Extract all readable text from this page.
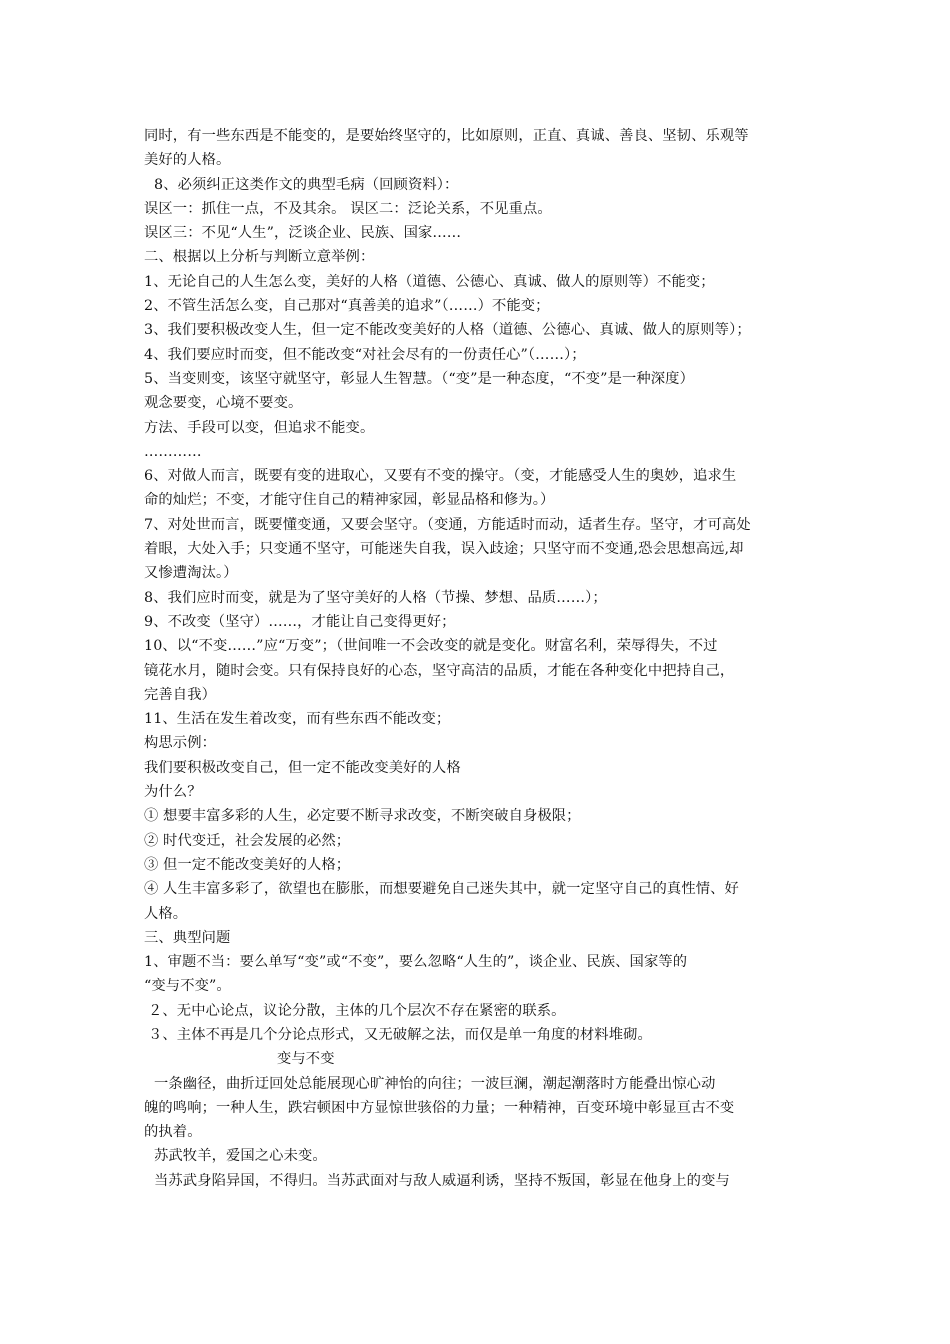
同时，有一些东西是不能变的，是要始终坚守的，比如原则，正直、真诚、善良、坚韧、乐观等
美好的人格。
8、必须纠正这类作文的典型毛病（回顾资料）：
误区一：抓住一点，不及其余。 误区二：泛论关系，不见重点。
误区三：不见“人生”，泛谈企业、民族、国家……
二、根据以上分析与判断立意举例：
1、无论自己的人生怎么变，美好的人格（道德、公德心、真诚、做人的原则等）不能变；
2、不管生活怎么变，自己那对“真善美的追求”（……）不能变；
3、我们要积极改变人生，但一定不能改变美好的人格（道德、公德心、真诚、做人的原则等）；
4、我们要应时而变，但不能改变“对社会尽有的一份责任心”（……）；
5、当变则变，该坚守就坚守，彰显人生智慧。（“变”是一种态度，“不变”是一种深度）
观念要变，心境不要变。
方法、手段可以变，但追求不能变。
…………
6、对做人而言，既要有变的进取心，又要有不变的操守。（变，才能感受人生的奥妙，追求生
命的灿烂；不变，才能守住自己的精神家园，彰显品格和修为。）
7、对处世而言，既要懂变通，又要会坚守。（变通，方能适时而动，适者生存。坚守，才可高处
着眼，大处入手；只变通不坚守，可能迷失自我，误入歧途；只坚守而不变通,恐会思想高远,却
又惨遭淘汰。）
8、我们应时而变，就是为了坚守美好的人格（节操、梦想、品质……）；
9、不改变（坚守）……，才能让自己变得更好；
10、以“不变……”应“万变”；（世间唯一不会改变的就是变化。财富名利，荣辱得失，不过
镜花水月，随时会变。只有保持良好的心态，坚守高洁的品质，才能在各种变化中把持自己，
完善自我）
11、生活在发生着改变，而有些东西不能改变；
构思示例：
我们要积极改变自己，但一定不能改变美好的人格
为什么？
① 想要丰富多彩的人生，必定要不断寻求改变，不断突破自身极限；
② 时代变迁，社会发展的必然；
③ 但一定不能改变美好的人格；
④ 人生丰富多彩了，欲望也在膨胀，而想要避免自己迷失其中，就一定坚守自己的真性情、好
人格。
三、典型问题
1、审题不当：要么单写“变”或“不变”，要么忽略“人生的”，谈企业、民族、国家等的
“变与不变”。
２、无中心论点，议论分散，主体的几个层次不存在紧密的联系。
３、主体不再是几个分论点形式，又无破解之法，而仅是单一角度的材料堆砌。
变与不变
一条幽径，曲折迂回处总能展现心旷神怡的向往；一波巨澜，潮起潮落时方能叠出惊心动
魄的鸣响；一种人生，跌宕顿困中方显惊世骇俗的力量；一种精神，百变环境中彰显亘古不变
的执着。
苏武牧羊，爱国之心未变。
当苏武身陷异国，不得归。当苏武面对与敌人威逼利诱，坚持不叛国，彰显在他身上的变与
